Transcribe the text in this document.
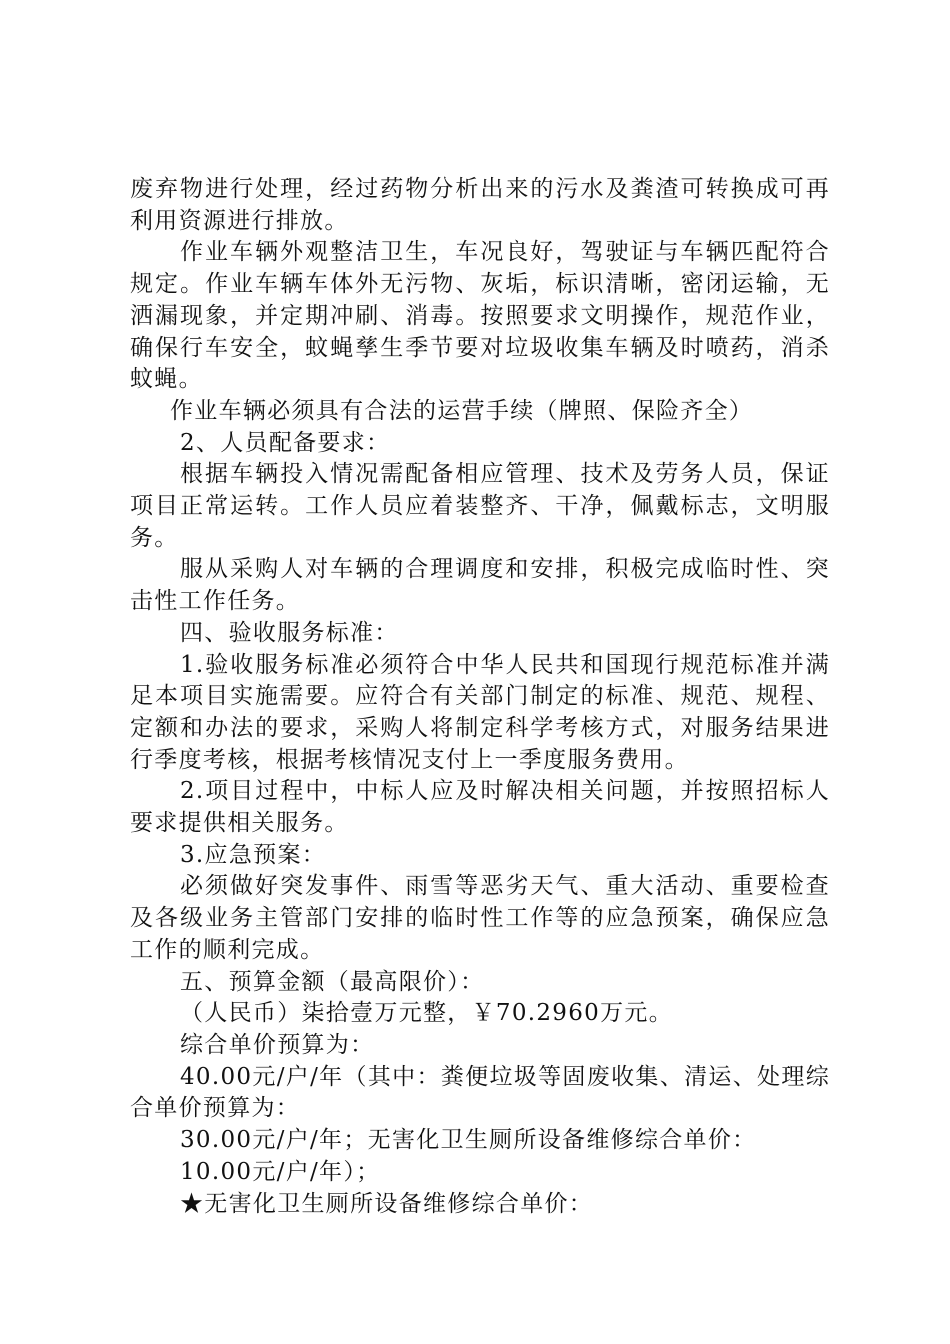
废弃物进行处理，经过药物分析出来的污水及粪渣可转换成可再利用资源进行排放。

作业车辆外观整洁卫生，车况良好，驾驶证与车辆匹配符合规定。作业车辆车体外无污物、灰垢，标识清晰，密闭运输，无洒漏现象，并定期冲刷、消毒。按照要求文明操作，规范作业，确保行车安全，蚊蝇孳生季节要对垃圾收集车辆及时喷药，消杀蚊蝇。

作业车辆必须具有合法的运营手续（牌照、保险齐全）

2、人员配备要求：

根据车辆投入情况需配备相应管理、技术及劳务人员，保证项目正常运转。工作人员应着装整齐、干净，佩戴标志，文明服务。

服从采购人对车辆的合理调度和安排，积极完成临时性、突击性工作任务。

四、验收服务标准：

1.验收服务标准必须符合中华人民共和国现行规范标准并满足本项目实施需要。应符合有关部门制定的标准、规范、规程、定额和办法的要求，采购人将制定科学考核方式，对服务结果进行季度考核，根据考核情况支付上一季度服务费用。

2.项目过程中，中标人应及时解决相关问题，并按照招标人要求提供相关服务。

3.应急预案：

必须做好突发事件、雨雪等恶劣天气、重大活动、重要检查及各级业务主管部门安排的临时性工作等的应急预案，确保应急工作的顺利完成。

五、预算金额（最高限价）：

（人民币）柒拾壹万元整，￥70.2960万元。

综合单价预算为：

40.00元/户/年（其中：粪便垃圾等固废收集、清运、处理综合单价预算为：

30.00元/户/年；无害化卫生厕所设备维修综合单价：

10.00元/户/年）；

★无害化卫生厕所设备维修综合单价：
